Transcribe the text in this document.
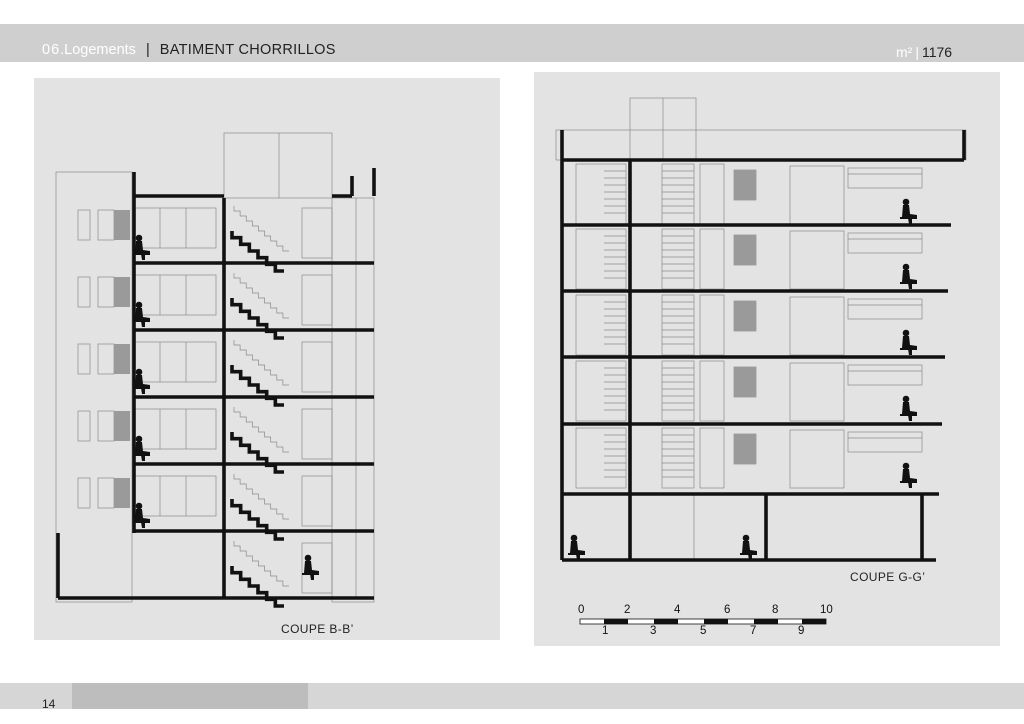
06.Logements | BATIMENT CHORRILLOS	m² | 1176
COUPE B-B’
COUPE G-G’
0	2	4	6	8	10
1	3	5	7	9
14
